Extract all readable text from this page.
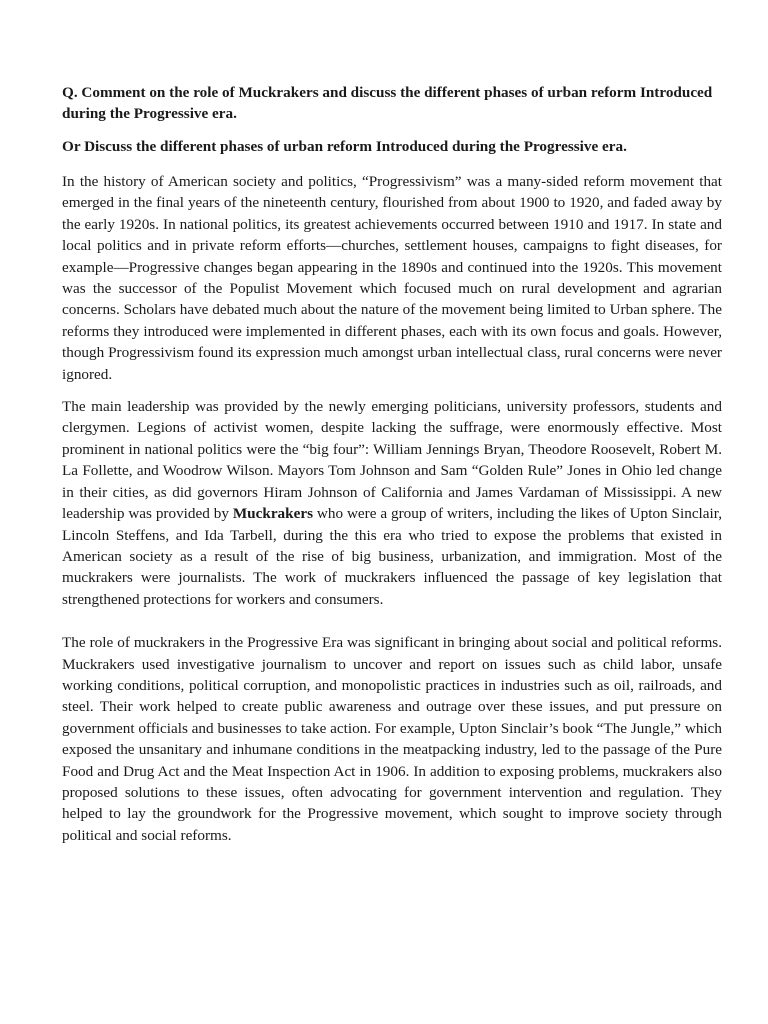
Q. Comment on the role of Muckrakers and discuss the different phases of urban reform Introduced during the Progressive era.

Or Discuss the different phases of urban reform Introduced during the Progressive era.

In the history of American society and politics, “Progressivism” was a many-sided reform movement that emerged in the final years of the nineteenth century, flourished from about 1900 to 1920, and faded away by the early 1920s. In national politics, its greatest achievements occurred between 1910 and 1917. In state and local politics and in private reform efforts—churches, settlement houses, campaigns to fight diseases, for example—Progressive changes began appearing in the 1890s and continued into the 1920s. This movement was the successor of the Populist Movement which focused much on rural development and agrarian concerns. Scholars have debated much about the nature of the movement being limited to Urban sphere. The reforms they introduced were implemented in different phases, each with its own focus and goals. However, though Progressivism found its expression much amongst urban intellectual class, rural concerns were never ignored.

The main leadership was provided by the newly emerging politicians, university professors, students and clergymen. Legions of activist women, despite lacking the suffrage, were enormously effective. Most prominent in national politics were the “big four”: William Jennings Bryan, Theodore Roosevelt, Robert M. La Follette, and Woodrow Wilson. Mayors Tom Johnson and Sam “Golden Rule” Jones in Ohio led change in their cities, as did governors Hiram Johnson of California and James Vardaman of Mississippi. A new leadership was provided by Muckrakers who were a group of writers, including the likes of Upton Sinclair, Lincoln Steffens, and Ida Tarbell, during the this era who tried to expose the problems that existed in American society as a result of the rise of big business, urbanization, and immigration. Most of the muckrakers were journalists. The work of muckrakers influenced the passage of key legislation that strengthened protections for workers and consumers.

The role of muckrakers in the Progressive Era was significant in bringing about social and political reforms. Muckrakers used investigative journalism to uncover and report on issues such as child labor, unsafe working conditions, political corruption, and monopolistic practices in industries such as oil, railroads, and steel. Their work helped to create public awareness and outrage over these issues, and put pressure on government officials and businesses to take action. For example, Upton Sinclair’s book “The Jungle,” which exposed the unsanitary and inhumane conditions in the meatpacking industry, led to the passage of the Pure Food and Drug Act and the Meat Inspection Act in 1906. In addition to exposing problems, muckrakers also proposed solutions to these issues, often advocating for government intervention and regulation. They helped to lay the groundwork for the Progressive movement, which sought to improve society through political and social reforms.
